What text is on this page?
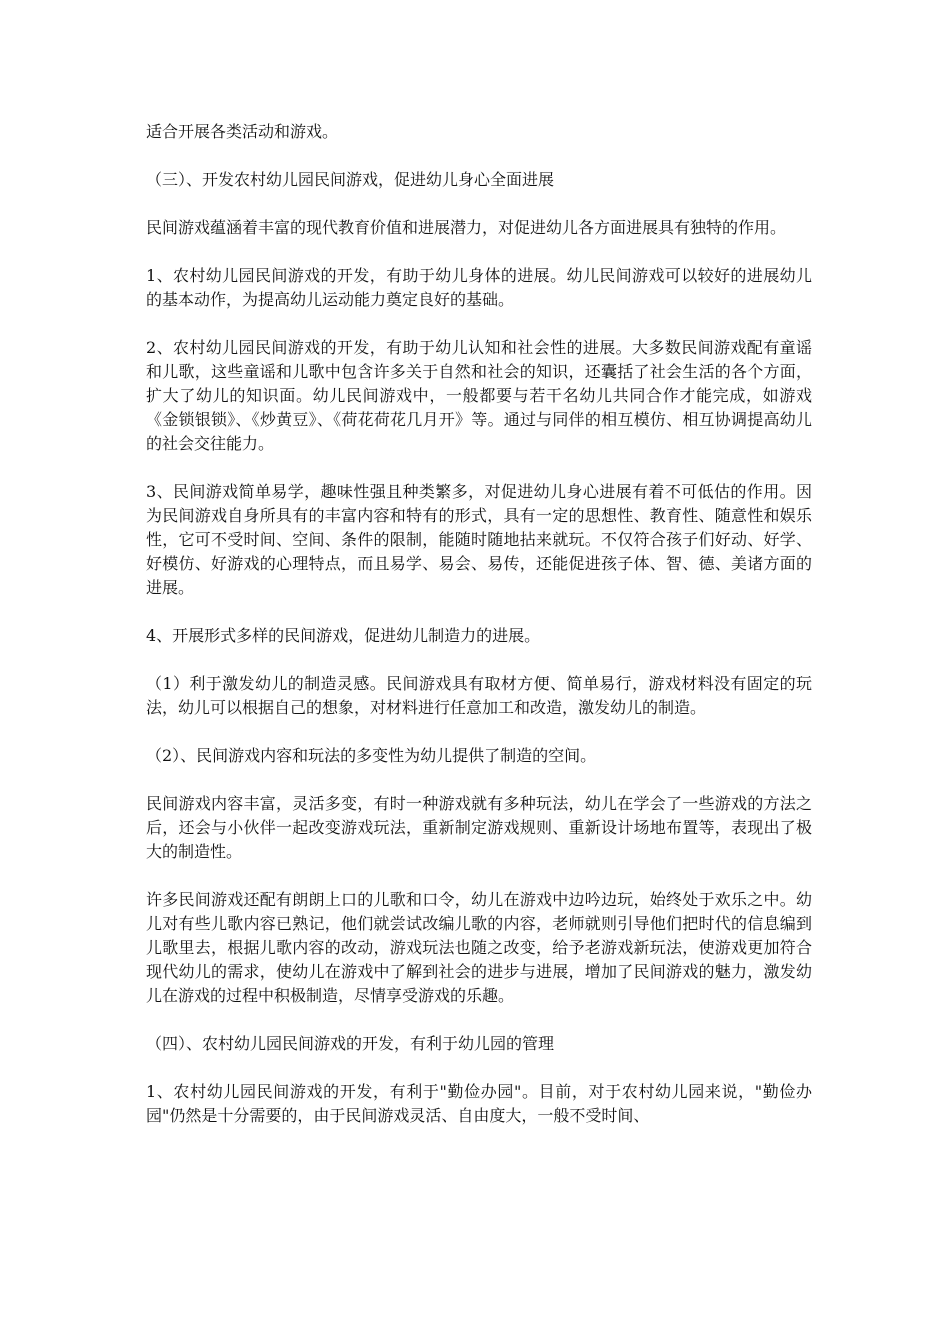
适合开展各类活动和游戏。

（三）、开发农村幼儿园民间游戏，促进幼儿身心全面进展

民间游戏蕴涵着丰富的现代教育价值和进展潜力，对促进幼儿各方面进展具有独特的作用。

1、农村幼儿园民间游戏的开发，有助于幼儿身体的进展。幼儿民间游戏可以较好的进展幼儿的基本动作，为提高幼儿运动能力奠定良好的基础。

2、农村幼儿园民间游戏的开发，有助于幼儿认知和社会性的进展。大多数民间游戏配有童谣和儿歌，这些童谣和儿歌中包含许多关于自然和社会的知识，还囊括了社会生活的各个方面，扩大了幼儿的知识面。幼儿民间游戏中，一般都要与若干名幼儿共同合作才能完成，如游戏《金锁银锁》、《炒黄豆》、《荷花荷花几月开》等。通过与同伴的相互模仿、相互协调提高幼儿的社会交往能力。

3、民间游戏简单易学，趣味性强且种类繁多，对促进幼儿身心进展有着不可低估的作用。因为民间游戏自身所具有的丰富内容和特有的形式，具有一定的思想性、教育性、随意性和娱乐性，它可不受时间、空间、条件的限制，能随时随地拈来就玩。不仅符合孩子们好动、好学、好模仿、好游戏的心理特点，而且易学、易会、易传，还能促进孩子体、智、德、美诸方面的进展。

4、开展形式多样的民间游戏，促进幼儿制造力的进展。

（1）利于激发幼儿的制造灵感。民间游戏具有取材方便、简单易行，游戏材料没有固定的玩法，幼儿可以根据自己的想象，对材料进行任意加工和改造，激发幼儿的制造。

（2）、民间游戏内容和玩法的多变性为幼儿提供了制造的空间。

民间游戏内容丰富，灵活多变，有时一种游戏就有多种玩法，幼儿在学会了一些游戏的方法之后，还会与小伙伴一起改变游戏玩法，重新制定游戏规则、重新设计场地布置等，表现出了极大的制造性。

许多民间游戏还配有朗朗上口的儿歌和口令，幼儿在游戏中边吟边玩，始终处于欢乐之中。幼儿对有些儿歌内容已熟记，他们就尝试改编儿歌的内容，老师就则引导他们把时代的信息编到儿歌里去，根据儿歌内容的改动，游戏玩法也随之改变，给予老游戏新玩法，使游戏更加符合现代幼儿的需求，使幼儿在游戏中了解到社会的进步与进展，增加了民间游戏的魅力，激发幼儿在游戏的过程中积极制造，尽情享受游戏的乐趣。

（四）、农村幼儿园民间游戏的开发，有利于幼儿园的管理

1、农村幼儿园民间游戏的开发，有利于"勤俭办园"。目前，对于农村幼儿园来说，"勤俭办园"仍然是十分需要的，由于民间游戏灵活、自由度大，一般不受时间、
